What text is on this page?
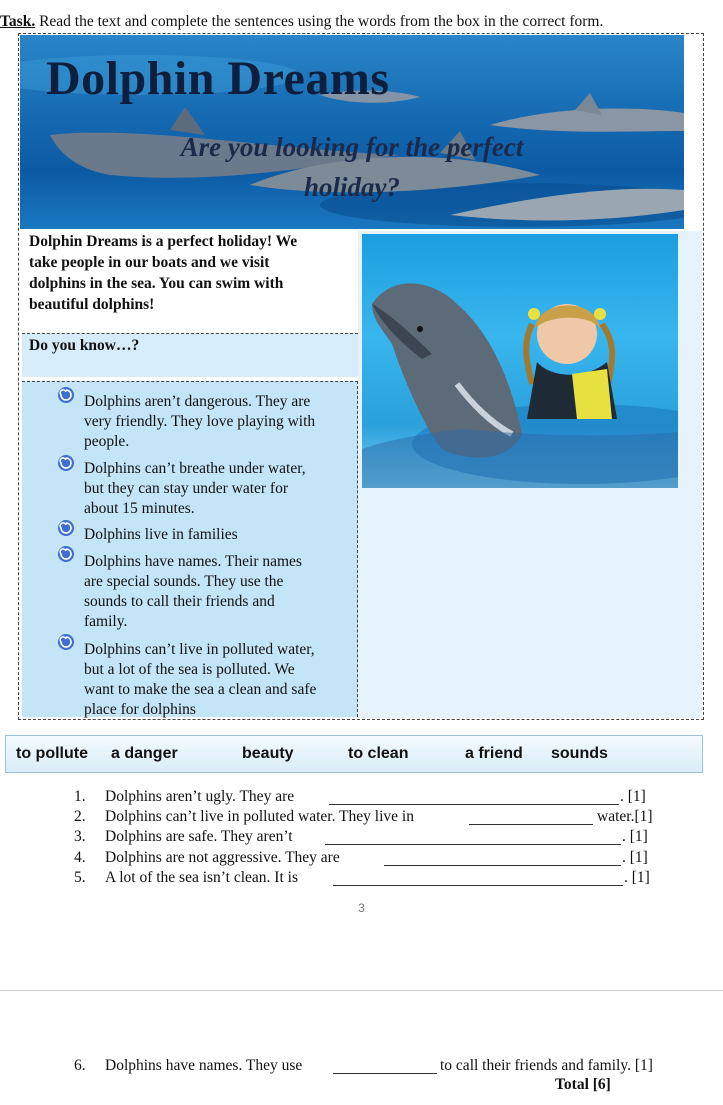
Task. Read the text and complete the sentences using the words from the box in the correct form.
Dolphin Dreams
Are you looking for the perfect
holiday?

Dolphin Dreams is a perfect holiday! We

take people in our boats and we visit

dolphins in the sea. You can swim with

beautiful dolphins!

Do you know…?
Dolphins aren’t dangerous. They are
very friendly. They love playing with
people.
Dolphins can’t breathe under water,
but they can stay under water for
about 15 minutes.
Dolphins live in families
Dolphins have names. Their names
are special sounds. They use the
sounds to call their friends and
family.
Dolphins can’t live in polluted water,
but a lot of the sea is polluted. We
want to make the sea a clean and safe
place for dolphins
to pollute a danger	beauty	to clean	a friend sounds
1. Dolphins aren’t ugly. They are	. [1]
2. Dolphins can’t live in polluted water. They live in	water.[1]
3. Dolphins are safe. They aren’t	. [1]
4. Dolphins are not aggressive. They are	. [1]
5. A lot of the sea isn’t clean. It is	. [1]
3
6. Dolphins have names. They use	to call their friends and family. [1]
Total [6]
